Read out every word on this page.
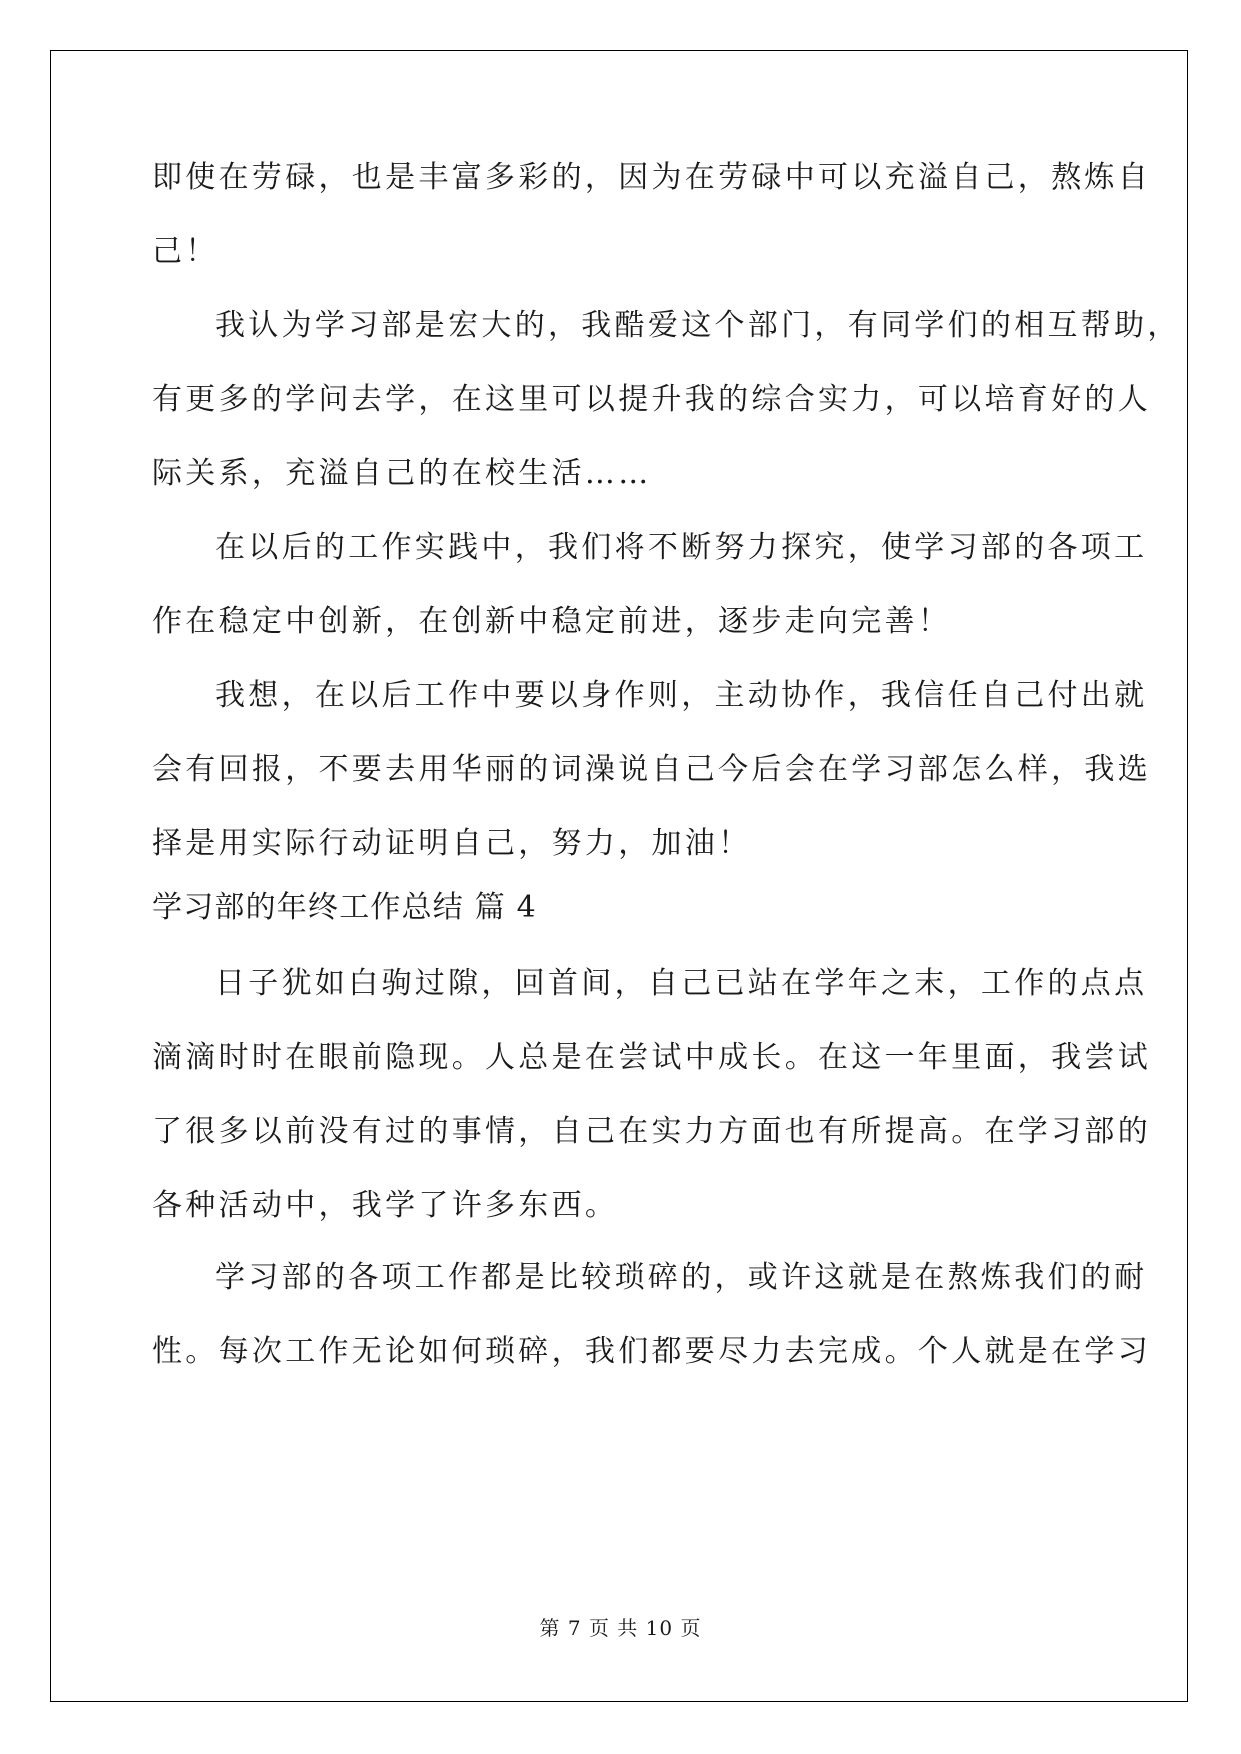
即使在劳碌，也是丰富多彩的，因为在劳碌中可以充溢自己，熬炼自
己！
我认为学习部是宏大的，我酷爱这个部门，有同学们的相互帮助，
有更多的学问去学，在这里可以提升我的综合实力，可以培育好的人
际关系，充溢自己的在校生活……
在以后的工作实践中，我们将不断努力探究，使学习部的各项工
作在稳定中创新，在创新中稳定前进，逐步走向完善！
我想，在以后工作中要以身作则，主动协作，我信任自己付出就
会有回报，不要去用华丽的词澡说自己今后会在学习部怎么样，我选
择是用实际行动证明自己，努力，加油！
学习部的年终工作总结 篇 4
日子犹如白驹过隙，回首间，自己已站在学年之末，工作的点点
滴滴时时在眼前隐现。人总是在尝试中成长。在这一年里面，我尝试
了很多以前没有过的事情，自己在实力方面也有所提高。在学习部的
各种活动中，我学了许多东西。
学习部的各项工作都是比较琐碎的，或许这就是在熬炼我们的耐
性。每次工作无论如何琐碎，我们都要尽力去完成。个人就是在学习
第 7 页 共 10 页
